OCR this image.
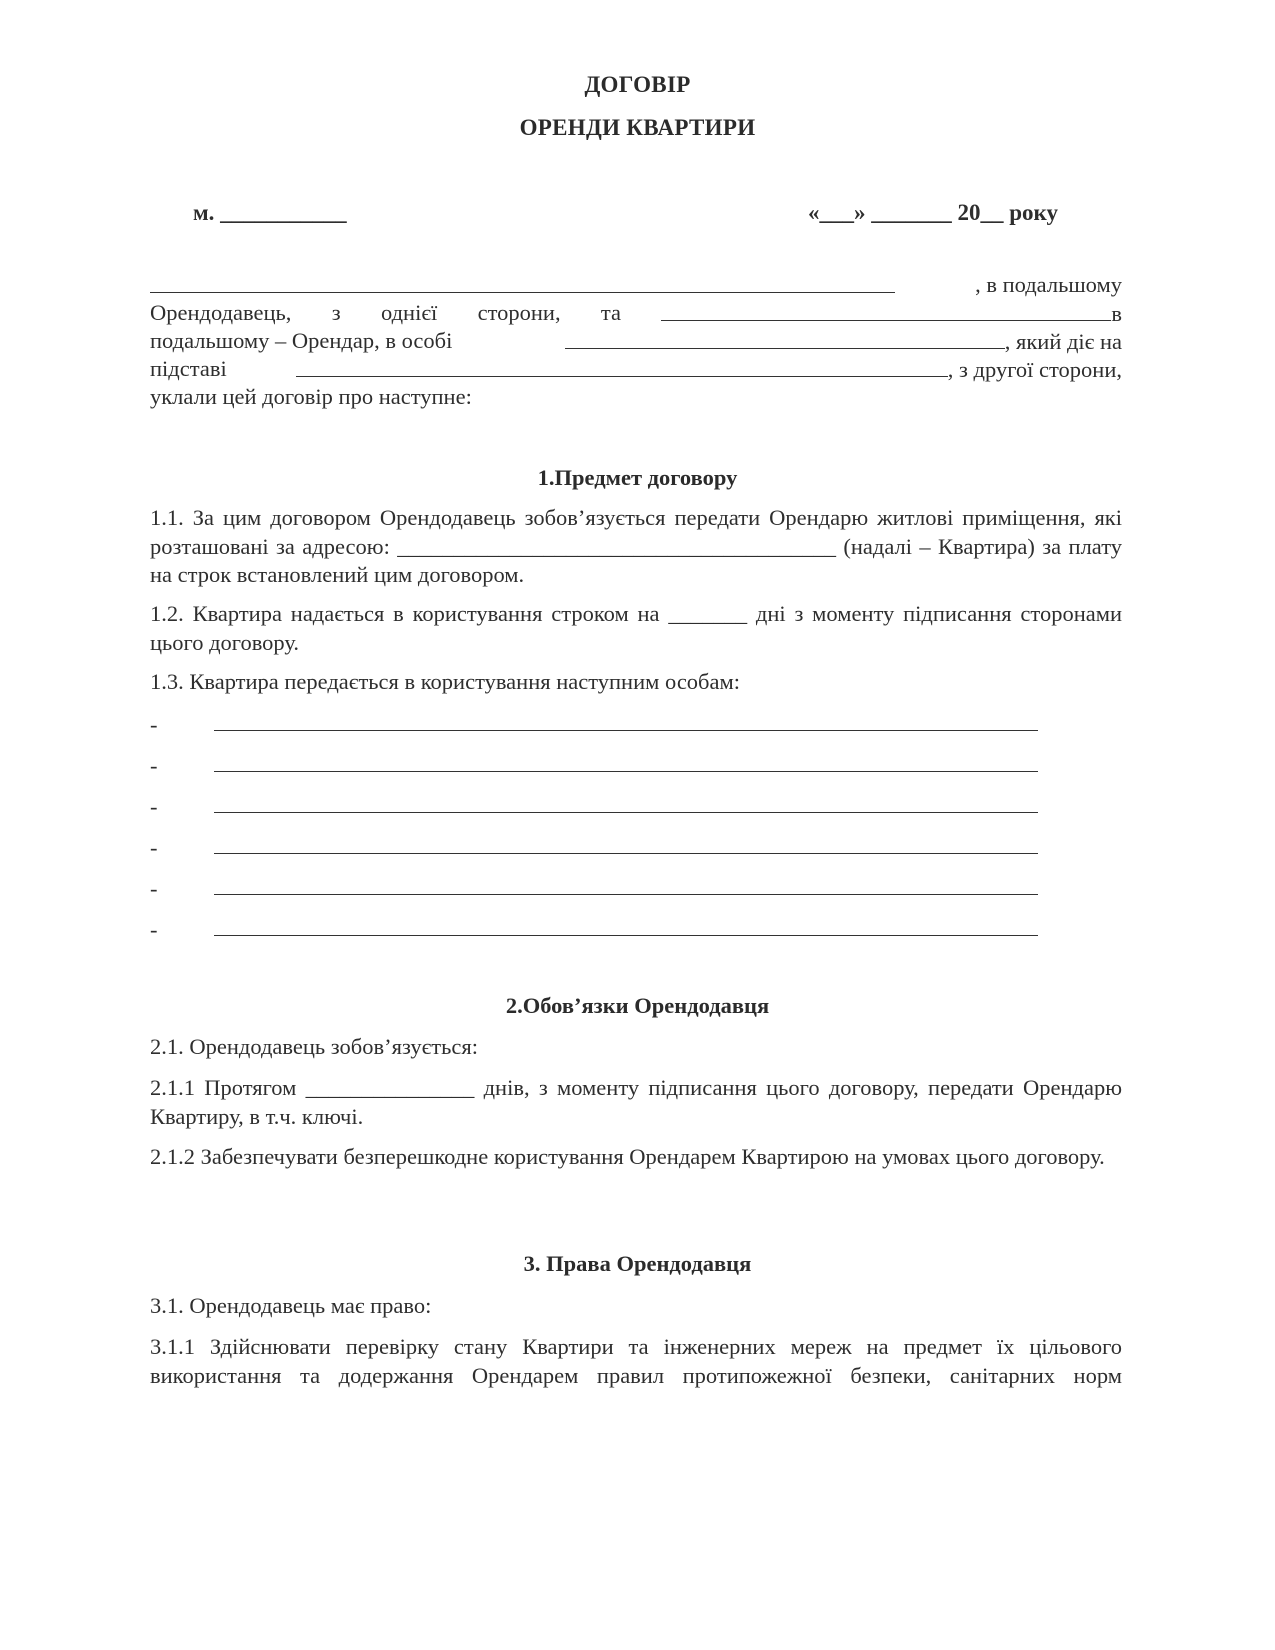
ДОГОВІР
ОРЕНДИ КВАРТИРИ
м. ___________	«___» _______ 20__ року
, в подальшому
Орендодавець, з однієї сторони, та	в
подальшому – Орендар, в особі	, який діє на
підставі	, з другої сторони,
уклали цей договір про наступне:
1.Предмет договору
1.1. За цим договором Орендодавець зобов’язується передати Орендарю житлові приміщення, які розташовані за адресою: _______________________________________ (надалі – Квартира) за плату на строк встановлений цим договором.
1.2. Квартира надається в користування строком на _______ дні з моменту підписання сторонами цього договору.
1.3. Квартира передається в користування наступним особам:
-
-
-
-
-
-
2.Обов’язки Орендодавця
2.1. Орендодавець зобов’язується:
2.1.1 Протягом _______________ днів, з моменту підписання цього договору, передати Орендарю Квартиру, в т.ч. ключі.
2.1.2 Забезпечувати безперешкодне користування Орендарем Квартирою на умовах цього договору.
3. Права Орендодавця
3.1. Орендодавець має право:
3.1.1 Здійснювати перевірку стану Квартири та інженерних мереж на предмет їх цільового використання та додержання Орендарем правил протипожежної безпеки, санітарних норм
